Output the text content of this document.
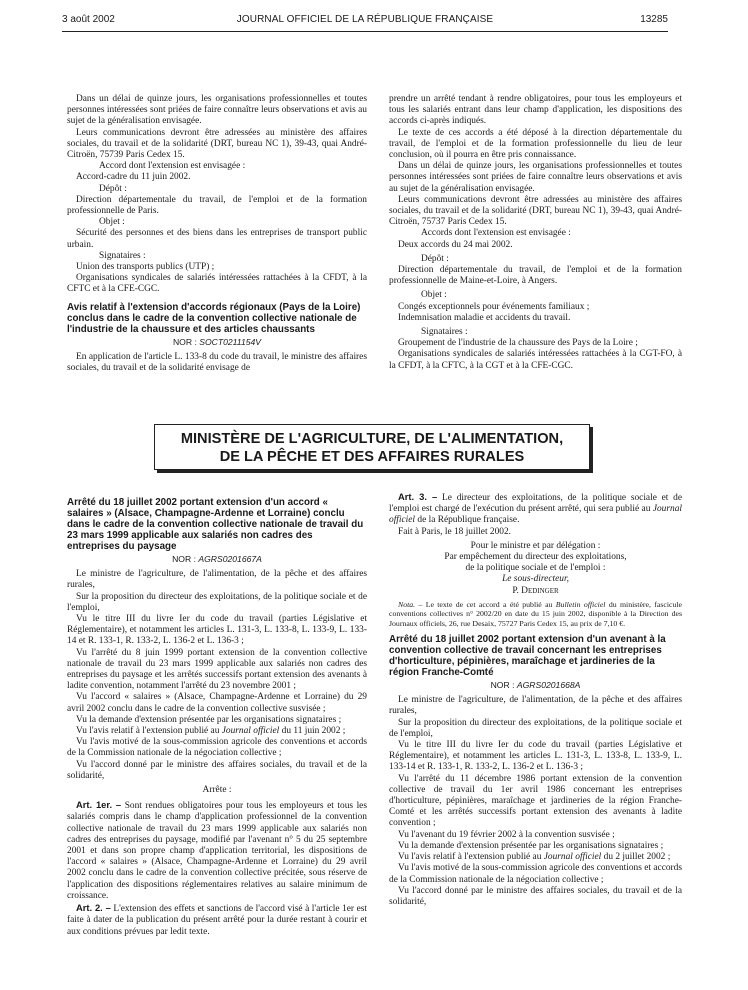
3 août 2002	JOURNAL OFFICIEL DE LA RÉPUBLIQUE FRANÇAISE	13285

Dans un délai de quinze jours, les organisations professionnelles et toutes personnes intéressées sont priées de faire connaître leurs observations et avis au sujet de la généralisation envisagée.

Leurs communications devront être adressées au ministère des affaires sociales, du travail et de la solidarité (DRT, bureau NC 1), 39-43, quai André-Citroën, 75739 Paris Cedex 15.

Accord dont l'extension est envisagée :

Accord-cadre du 11 juin 2002.

Dépôt :

Direction départementale du travail, de l'emploi et de la formation professionnelle de Paris.

Objet :

Sécurité des personnes et des biens dans les entreprises de transport public urbain.

Signataires :

Union des transports publics (UTP) ;

Organisations syndicales de salariés intéressées rattachées à la CFDT, à la CFTC et à la CFE-CGC.

Avis relatif à l'extension d'accords régionaux (Pays de la Loire) conclus dans le cadre de la convention collective nationale de l'industrie de la chaussure et des articles chaussants

NOR : SOCT0211154V

En application de l'article L. 133-8 du code du travail, le ministre des affaires sociales, du travail et de la solidarité envisage de

prendre un arrêté tendant à rendre obligatoires, pour tous les employeurs et tous les salariés entrant dans leur champ d'application, les dispositions des accords ci-après indiqués.

Le texte de ces accords a été déposé à la direction départementale du travail, de l'emploi et de la formation professionnelle du lieu de leur conclusion, où il pourra en être pris connaissance.

Dans un délai de quinze jours, les organisations professionnelles et toutes personnes intéressées sont priées de faire connaître leurs observations et avis au sujet de la généralisation envisagée.

Leurs communications devront être adressées au ministère des affaires sociales, du travail et de la solidarité (DRT, bureau NC 1), 39-43, quai André-Citroën, 75737 Paris Cedex 15.

Accords dont l'extension est envisagée :

Deux accords du 24 mai 2002.

Dépôt :

Direction départementale du travail, de l'emploi et de la formation professionnelle de Maine-et-Loire, à Angers.

Objet :

Congés exceptionnels pour événements familiaux ;

Indemnisation maladie et accidents du travail.

Signataires :

Groupement de l'industrie de la chaussure des Pays de la Loire ;

Organisations syndicales de salariés intéressées rattachées à la CGT-FO, à la CFDT, à la CFTC, à la CGT et à la CFE-CGC.

MINISTÈRE DE L'AGRICULTURE, DE L'ALIMENTATION,
DE LA PÊCHE ET DES AFFAIRES RURALES

Arrêté du 18 juillet 2002 portant extension d'un accord « salaires » (Alsace, Champagne-Ardenne et Lorraine) conclu dans le cadre de la convention collective nationale de travail du 23 mars 1999 applicable aux salariés non cadres des entreprises du paysage

NOR : AGRS0201667A

Le ministre de l'agriculture, de l'alimentation, de la pêche et des affaires rurales,

Sur la proposition du directeur des exploitations, de la politique sociale et de l'emploi,

Vu le titre III du livre Ier du code du travail (parties Législative et Réglementaire), et notamment les articles L. 131-3, L. 133-8, L. 133-9, L. 133-14 et R. 133-1, R. 133-2, L. 136-2 et L. 136-3 ;

Vu l'arrêté du 8 juin 1999 portant extension de la convention collective nationale de travail du 23 mars 1999 applicable aux salariés non cadres des entreprises du paysage et les arrêtés successifs portant extension des avenants à ladite convention, notamment l'arrêté du 23 novembre 2001 ;

Vu l'accord « salaires » (Alsace, Champagne-Ardenne et Lorraine) du 29 avril 2002 conclu dans le cadre de la convention collective susvisée ;

Vu la demande d'extension présentée par les organisations signataires ;

Vu l'avis relatif à l'extension publié au Journal officiel du 11 juin 2002 ;

Vu l'avis motivé de la sous-commission agricole des conventions et accords de la Commission nationale de la négociation collective ;

Vu l'accord donné par le ministre des affaires sociales, du travail et de la solidarité,

Arrête :

Art. 1er. – Sont rendues obligatoires pour tous les employeurs et tous les salariés compris dans le champ d'application professionnel de la convention collective nationale de travail du 23 mars 1999 applicable aux salariés non cadres des entreprises du paysage, modifié par l'avenant n° 5 du 25 septembre 2001 et dans son propre champ d'application territorial, les dispositions de l'accord « salaires » (Alsace, Champagne-Ardenne et Lorraine) du 29 avril 2002 conclu dans le cadre de la convention collective précitée, sous réserve de l'application des dispositions réglementaires relatives au salaire minimum de croissance.

Art. 2. – L'extension des effets et sanctions de l'accord visé à l'article 1er est faite à dater de la publication du présent arrêté pour la durée restant à courir et aux conditions prévues par ledit texte.

Art. 3. – Le directeur des exploitations, de la politique sociale et de l'emploi est chargé de l'exécution du présent arrêté, qui sera publié au Journal officiel de la République française.

Fait à Paris, le 18 juillet 2002.

Pour le ministre et par délégation :

Par empêchement du directeur des exploitations,

de la politique sociale et de l'emploi :

Le sous-directeur,

P. Dedinger

Nota. – Le texte de cet accord a été publié au Bulletin officiel du ministère, fascicule conventions collectives n° 2002/20 en date du 15 juin 2002, disponible à la Direction des Journaux officiels, 26, rue Desaix, 75727 Paris Cedex 15, au prix de 7,10 €.

Arrêté du 18 juillet 2002 portant extension d'un avenant à la convention collective de travail concernant les entreprises d'horticulture, pépinières, maraîchage et jardineries de la région Franche-Comté

NOR : AGRS0201668A

Le ministre de l'agriculture, de l'alimentation, de la pêche et des affaires rurales,

Sur la proposition du directeur des exploitations, de la politique sociale et de l'emploi,

Vu le titre III du livre Ier du code du travail (parties Législative et Réglementaire), et notamment les articles L. 131-3, L. 133-8, L. 133-9, L. 133-14 et R. 133-1, R. 133-2, L. 136-2 et L. 136-3 ;

Vu l'arrêté du 11 décembre 1986 portant extension de la convention collective de travail du 1er avril 1986 concernant les entreprises d'horticulture, pépinières, maraîchage et jardineries de la région Franche-Comté et les arrêtés successifs portant extension des avenants à ladite convention ;

Vu l'avenant du 19 février 2002 à la convention susvisée ;

Vu la demande d'extension présentée par les organisations signataires ;

Vu l'avis relatif à l'extension publié au Journal officiel du 2 juillet 2002 ;

Vu l'avis motivé de la sous-commission agricole des conventions et accords de la Commission nationale de la négociation collective ;

Vu l'accord donné par le ministre des affaires sociales, du travail et de la solidarité,
